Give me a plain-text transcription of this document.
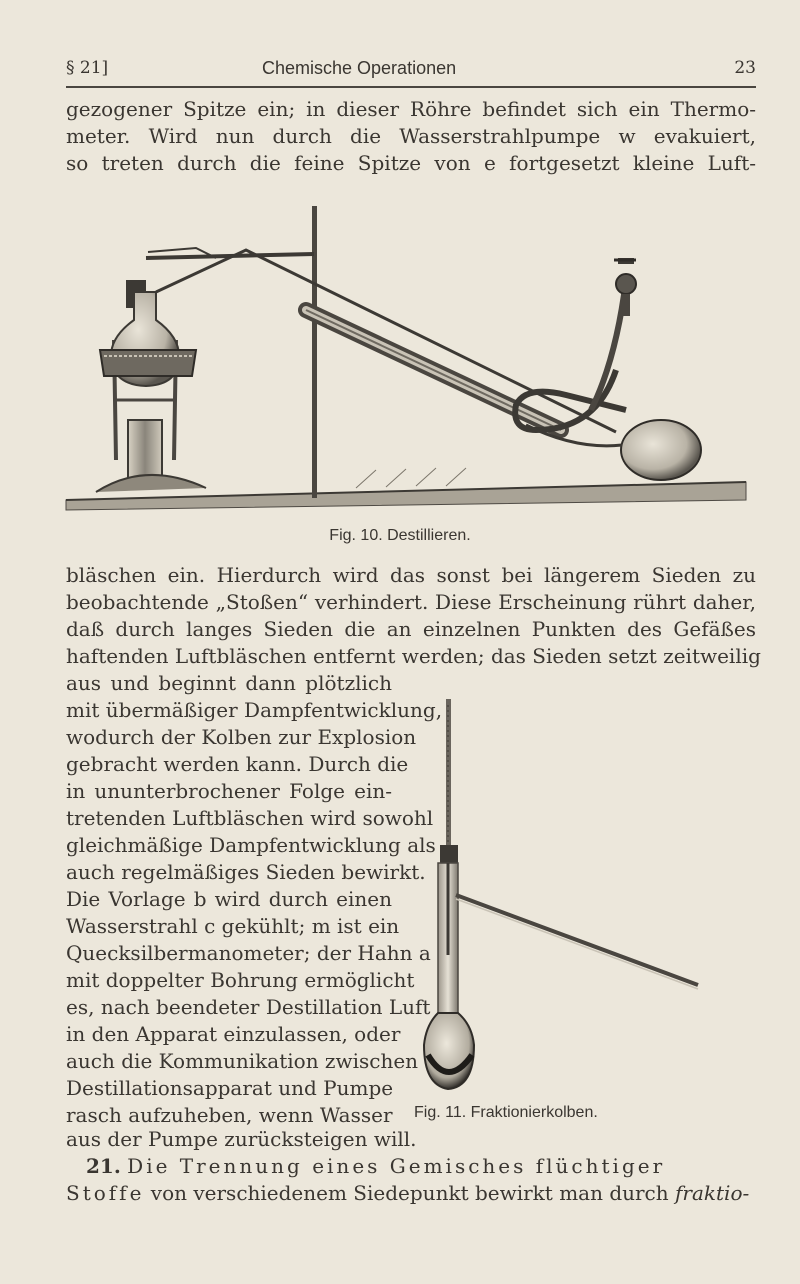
§ 21]	Chemische Operationen	23
gezogener Spitze ein; in dieser Röhre befindet sich ein Thermo-
meter. Wird nun durch die Wasserstrahlpumpe w evakuiert,
so treten durch die feine Spitze von e fortgesetzt kleine Luft-
Fig. 10. Destillieren.
bläschen ein. Hierdurch wird das sonst bei längerem Sieden zu
beobachtende „Stoßen“ verhindert. Diese Erscheinung rührt daher,
daß durch langes Sieden die an einzelnen Punkten des Gefäßes
haftenden Luftbläschen entfernt werden; das Sieden setzt zeitweilig
aus und beginnt dann plötzlich
mit übermäßiger Dampfentwicklung,
wodurch der Kolben zur Explosion
gebracht werden kann. Durch die
in ununterbrochener Folge ein-
tretenden Luftbläschen wird sowohl
gleichmäßige Dampfentwicklung als
auch regelmäßiges Sieden bewirkt.
Die Vorlage b wird durch einen
Wasserstrahl c gekühlt; m ist ein
Quecksilbermanometer; der Hahn a
mit doppelter Bohrung ermöglicht
es, nach beendeter Destillation Luft
in den Apparat einzulassen, oder
auch die Kommunikation zwischen
Destillationsapparat und Pumpe
rasch aufzuheben, wenn Wasser Fig. 11. Fraktionierkolben.
aus der Pumpe zurücksteigen will.
21. Die Trennung eines Gemisches flüchtiger
Stoffe von verschiedenem Siedepunkt bewirkt man durch fraktio-
